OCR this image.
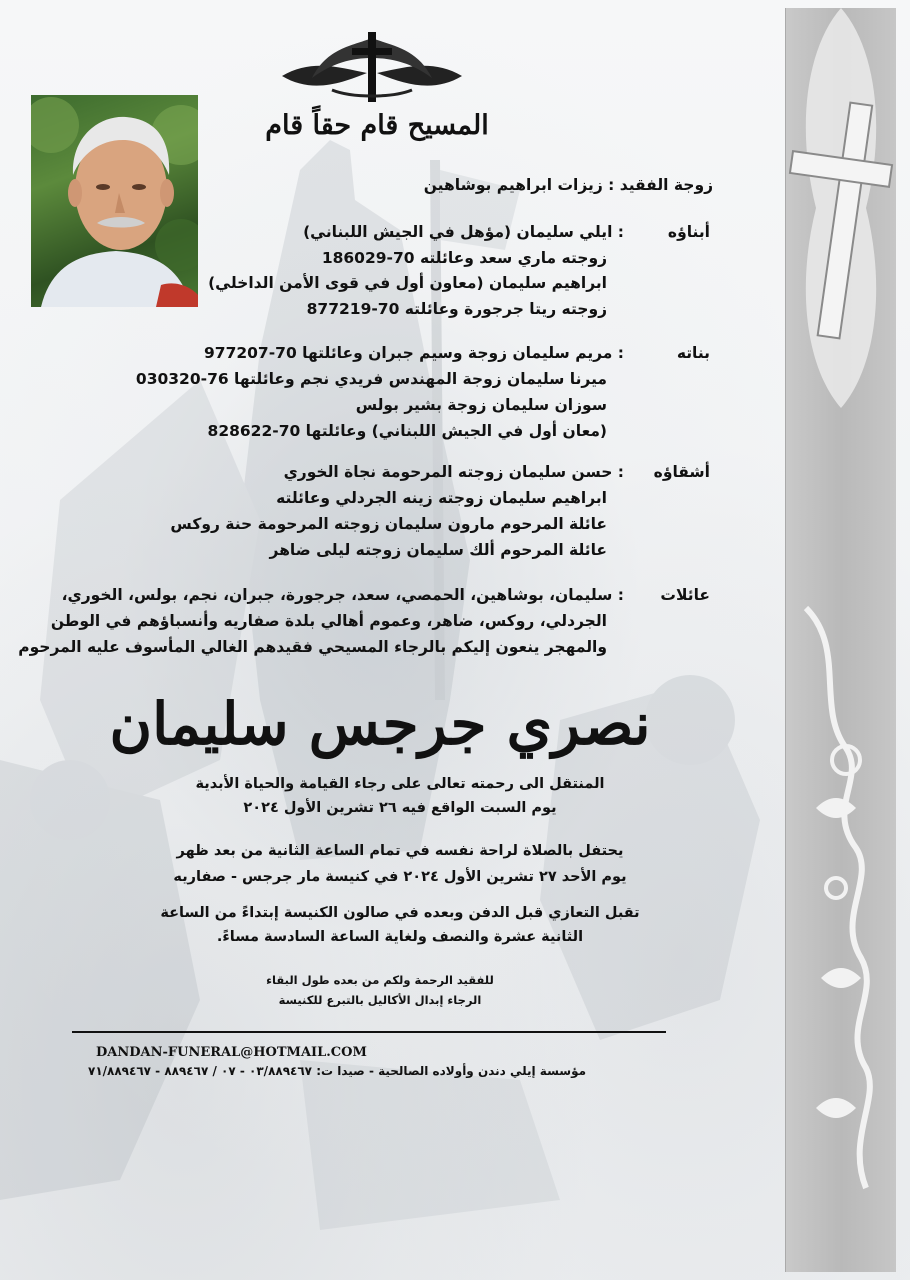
المسيح قام حقاً قام
زوجة الفقيد : زيزات ابراهيم بوشاهين
أبناؤه
: ايلي سليمان (مؤهل في الجيش اللبناني)
زوجته ماري سعد وعائلته 70-186029
ابراهيم سليمان (معاون أول في قوى الأمن الداخلي)
زوجته ريتا جرجورة وعائلته 70-877219
بناته
: مريم سليمان زوجة وسيم جبران وعائلتها 70-977207
ميرنا سليمان زوجة المهندس فريدي نجم وعائلتها 76-030320
سوزان سليمان زوجة بشير بولس
(معان أول في الجيش اللبناني) وعائلتها 70-828622
أشقاؤه
: حسن سليمان زوجته المرحومة نجاة الخوري
ابراهيم سليمان زوجته زينه الجردلي وعائلته
عائلة المرحوم مارون سليمان زوجته المرحومة حنة روكس
عائلة المرحوم ألك سليمان زوجته ليلى ضاهر
عائلات
: سليمان، بوشاهين، الحمصي، سعد، جرجورة، جبران، نجم، بولس، الخوري،
الجردلي، روكس، ضاهر، وعموم أهالي بلدة صفاريه وأنسباؤهم في الوطن
والمهجر ينعون إليكم بالرجاء المسيحي فقيدهم الغالي المأسوف عليه المرحوم
نصري جرجس سليمان
المنتقل الى رحمته تعالى على رجاء القيامة والحياة الأبدية
يوم السبت الواقع فيه ٢٦ تشرين الأول ٢٠٢٤
يحتفل بالصلاة لراحة نفسه في تمام الساعة الثانية من بعد ظهر
يوم الأحد ٢٧ تشرين الأول ٢٠٢٤ في كنيسة مار جرجس - صفاريه
تقبل التعازي قبل الدفن وبعده في صالون الكنيسة إبتداءً من الساعة
الثانية عشرة والنصف ولغاية الساعة السادسة مساءً.
للفقيد الرحمة ولكم من بعده طول البقاء
الرجاء إبدال الأكاليل بالتبرع للكنيسة
DANDAN-FUNERAL@HOTMAIL.COM
مؤسسة إيلي دندن وأولاده الصالحية - صيدا ت: ٠٣/٨٨٩٤٦٧ - ٠٧ / ٨٨٩٤٦٧ - ٧١/٨٨٩٤٦٧
